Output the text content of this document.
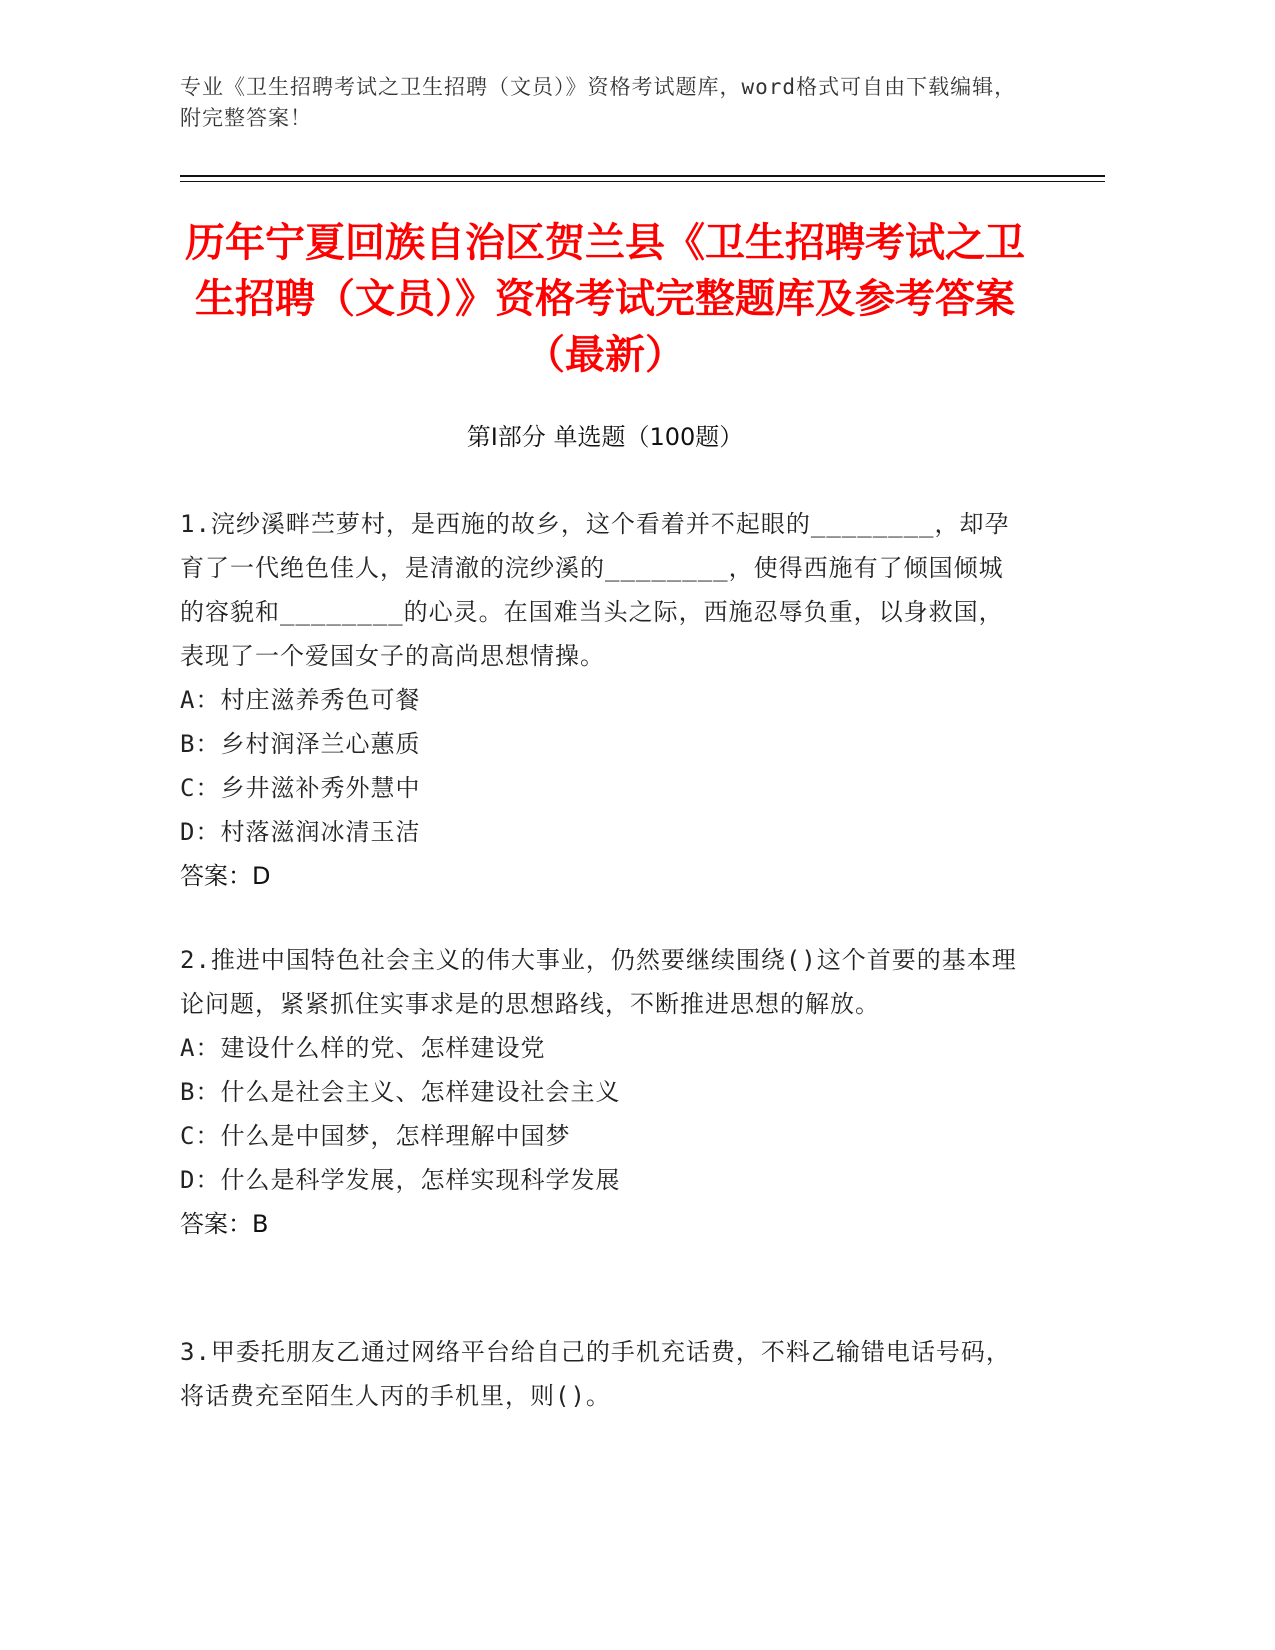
专业《卫生招聘考试之卫生招聘（文员）》资格考试题库，word格式可自由下载编辑，附完整答案！
历年宁夏回族自治区贺兰县《卫生招聘考试之卫生招聘（文员）》资格考试完整题库及参考答案（最新）
第Ⅰ部分 单选题（100题）
1.浣纱溪畔苎萝村，是西施的故乡，这个看着并不起眼的________，却孕育了一代绝色佳人，是清澈的浣纱溪的________，使得西施有了倾国倾城的容貌和________的心灵。在国难当头之际，西施忍辱负重，以身救国，表现了一个爱国女子的高尚思想情操。
A：村庄滋养秀色可餐
B：乡村润泽兰心蕙质
C：乡井滋补秀外慧中
D：村落滋润冰清玉洁
答案：D
2.推进中国特色社会主义的伟大事业，仍然要继续围绕()这个首要的基本理论问题，紧紧抓住实事求是的思想路线，不断推进思想的解放。
A：建设什么样的党、怎样建设党
B：什么是社会主义、怎样建设社会主义
C：什么是中国梦，怎样理解中国梦
D：什么是科学发展，怎样实现科学发展
答案：B
3.甲委托朋友乙通过网络平台给自己的手机充话费，不料乙输错电话号码，将话费充至陌生人丙的手机里，则()。
